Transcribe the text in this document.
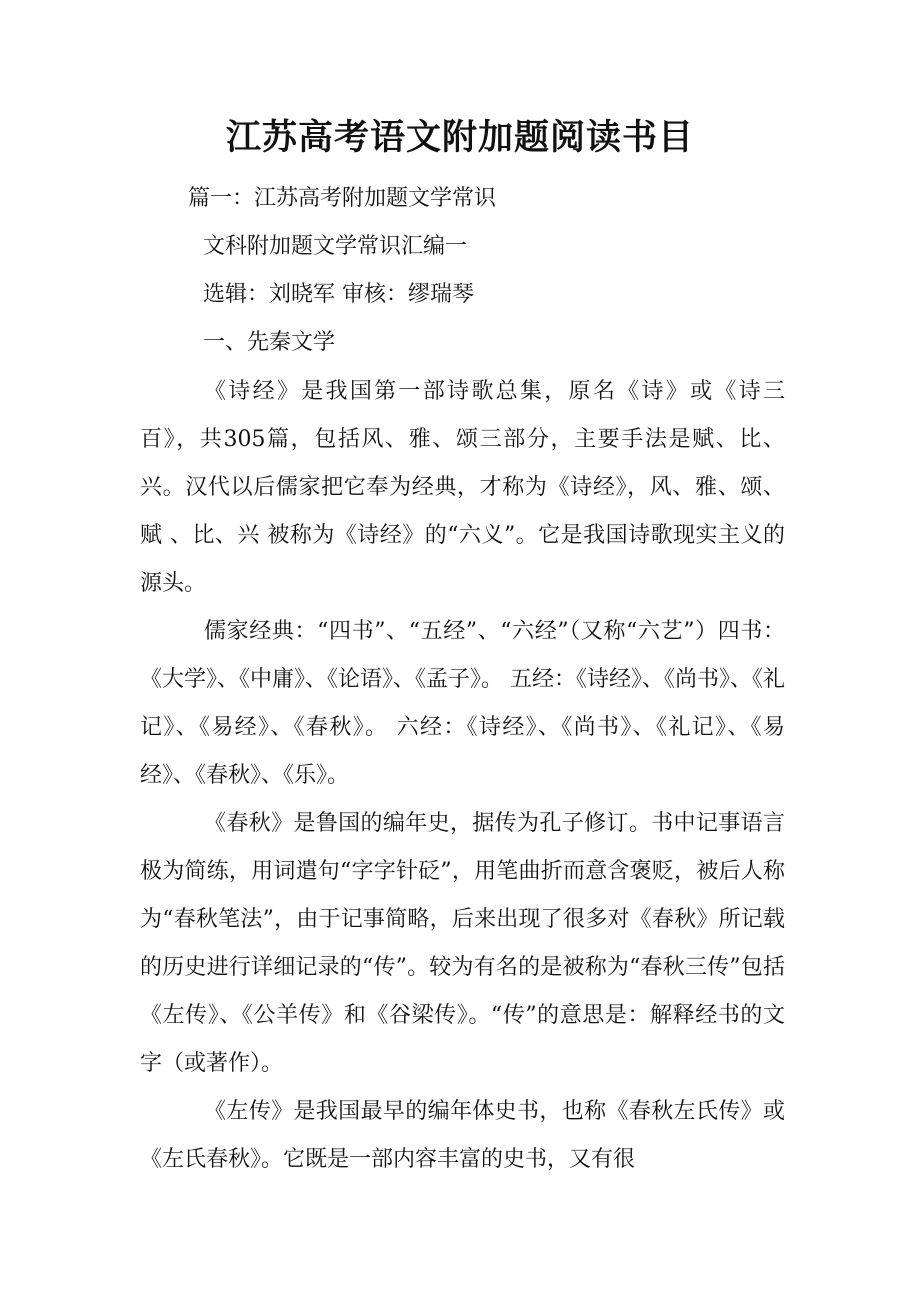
江苏高考语文附加题阅读书目

篇一：江苏高考附加题文学常识

文科附加题文学常识汇编一

选辑：刘晓军 审核：缪瑞琴

一、先秦文学

《诗经》是我国第一部诗歌总集，原名《诗》或《诗三百》，共305篇，包括风、雅、颂三部分，主要手法是赋、比、兴。汉代以后儒家把它奉为经典，才称为《诗经》，风、雅、颂、赋 、比、兴 被称为《诗经》的“六义”。它是我国诗歌现实主义的源头。

儒家经典：“四书”、“五经”、“六经”（又称“六艺”）四书：《大学》、《中庸》、《论语》、《孟子》。 五经：《诗经》、《尚书》、《礼记》、《易经》、《春秋》。 六经：《诗经》、《尚书》、《礼记》、《易经》、《春秋》、《乐》。

《春秋》是鲁国的编年史，据传为孔子修订。书中记事语言极为简练，用词遣句“字字针砭”，用笔曲折而意含褒贬，被后人称为“春秋笔法”，由于记事简略，后来出现了很多对《春秋》所记载的历史进行详细记录的“传”。较为有名的是被称为“春秋三传”包括《左传》、《公羊传》和《谷梁传》。“传”的意思是：解释经书的文字（或著作）。

《左传》是我国最早的编年体史书，也称《春秋左氏传》或《左氏春秋》。它既是一部内容丰富的史书，又有很
